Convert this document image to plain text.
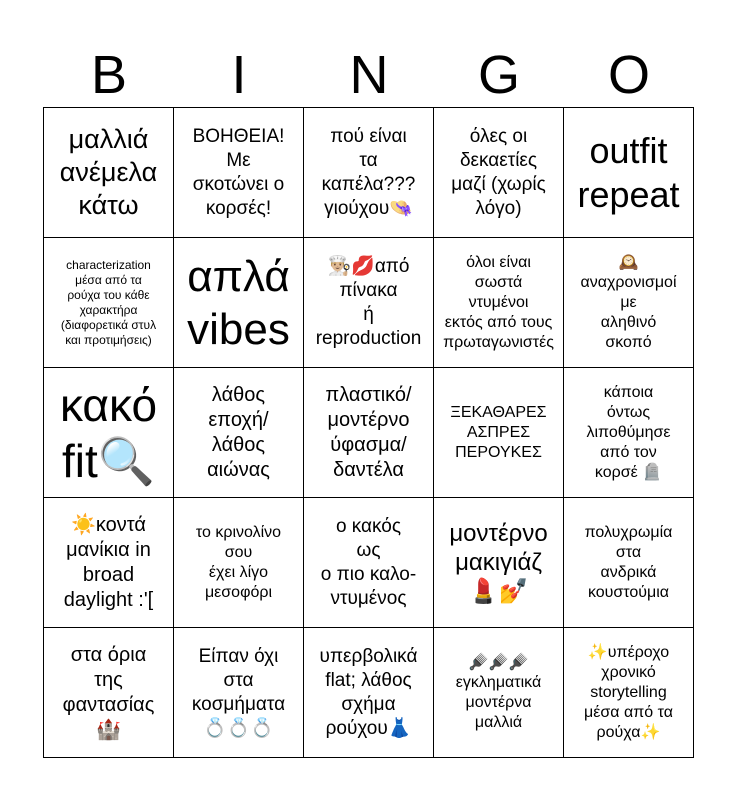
B	I	N	G	O
μαλλιά
ανέμελα
κάτω
ΒΟΗΘΕΙΑ!
Με
σκοτώνει ο
κορσές!
πού είναι
τα
καπέλα???
γιούχου👒
όλες οι
δεκαετίες
μαζί (χωρίς
λόγο)
outfit
repeat
characterization
μέσα από τα
ρούχα του κάθε
χαρακτήρα
(διαφορετικά στυλ
και προτιμήσεις)
απλά
vibes
👨🏼‍🍳💋από
πίνακα
ή
reproduction
όλοι είναι
σωστά
ντυμένοι
εκτός από τους
πρωταγωνιστές
🕰️
αναχρονισμοί
με
αληθινό
σκοπό
κακό
fit🔍
λάθος
εποχή/
λάθος
αιώνας
πλαστικό/
μοντέρνο
ύφασμα/
δαντέλα
ΞΕΚΑΘΑΡΕΣ
ΑΣΠΡΕΣ
ΠΕΡΟΥΚΕΣ
κάποια
όντως
λιποθύμησε
από τον
κορσέ 🪦
☀️κοντά
μανίκια in
broad
daylight :'[
το κρινολίνο
σου
έχει λίγο
μεσοφόρι
ο κακός
ως
ο πιο καλο-
ντυμένος
μοντέρνο
μακιγιάζ
💄💅
πολυχρωμία
στα
ανδρικά
κουστούμια
στα όρια
της
φαντασίας
🏰
Είπαν όχι
στα
κοσμήματα
💍💍💍
υπερβολικά
flat; λάθος
σχήμα
ρούχου👗
🪮🪮🪮
εγκληματικά
μοντέρνα
μαλλιά
✨υπέροχο
χρονικό
storytelling
μέσα από τα
ρούχα✨
